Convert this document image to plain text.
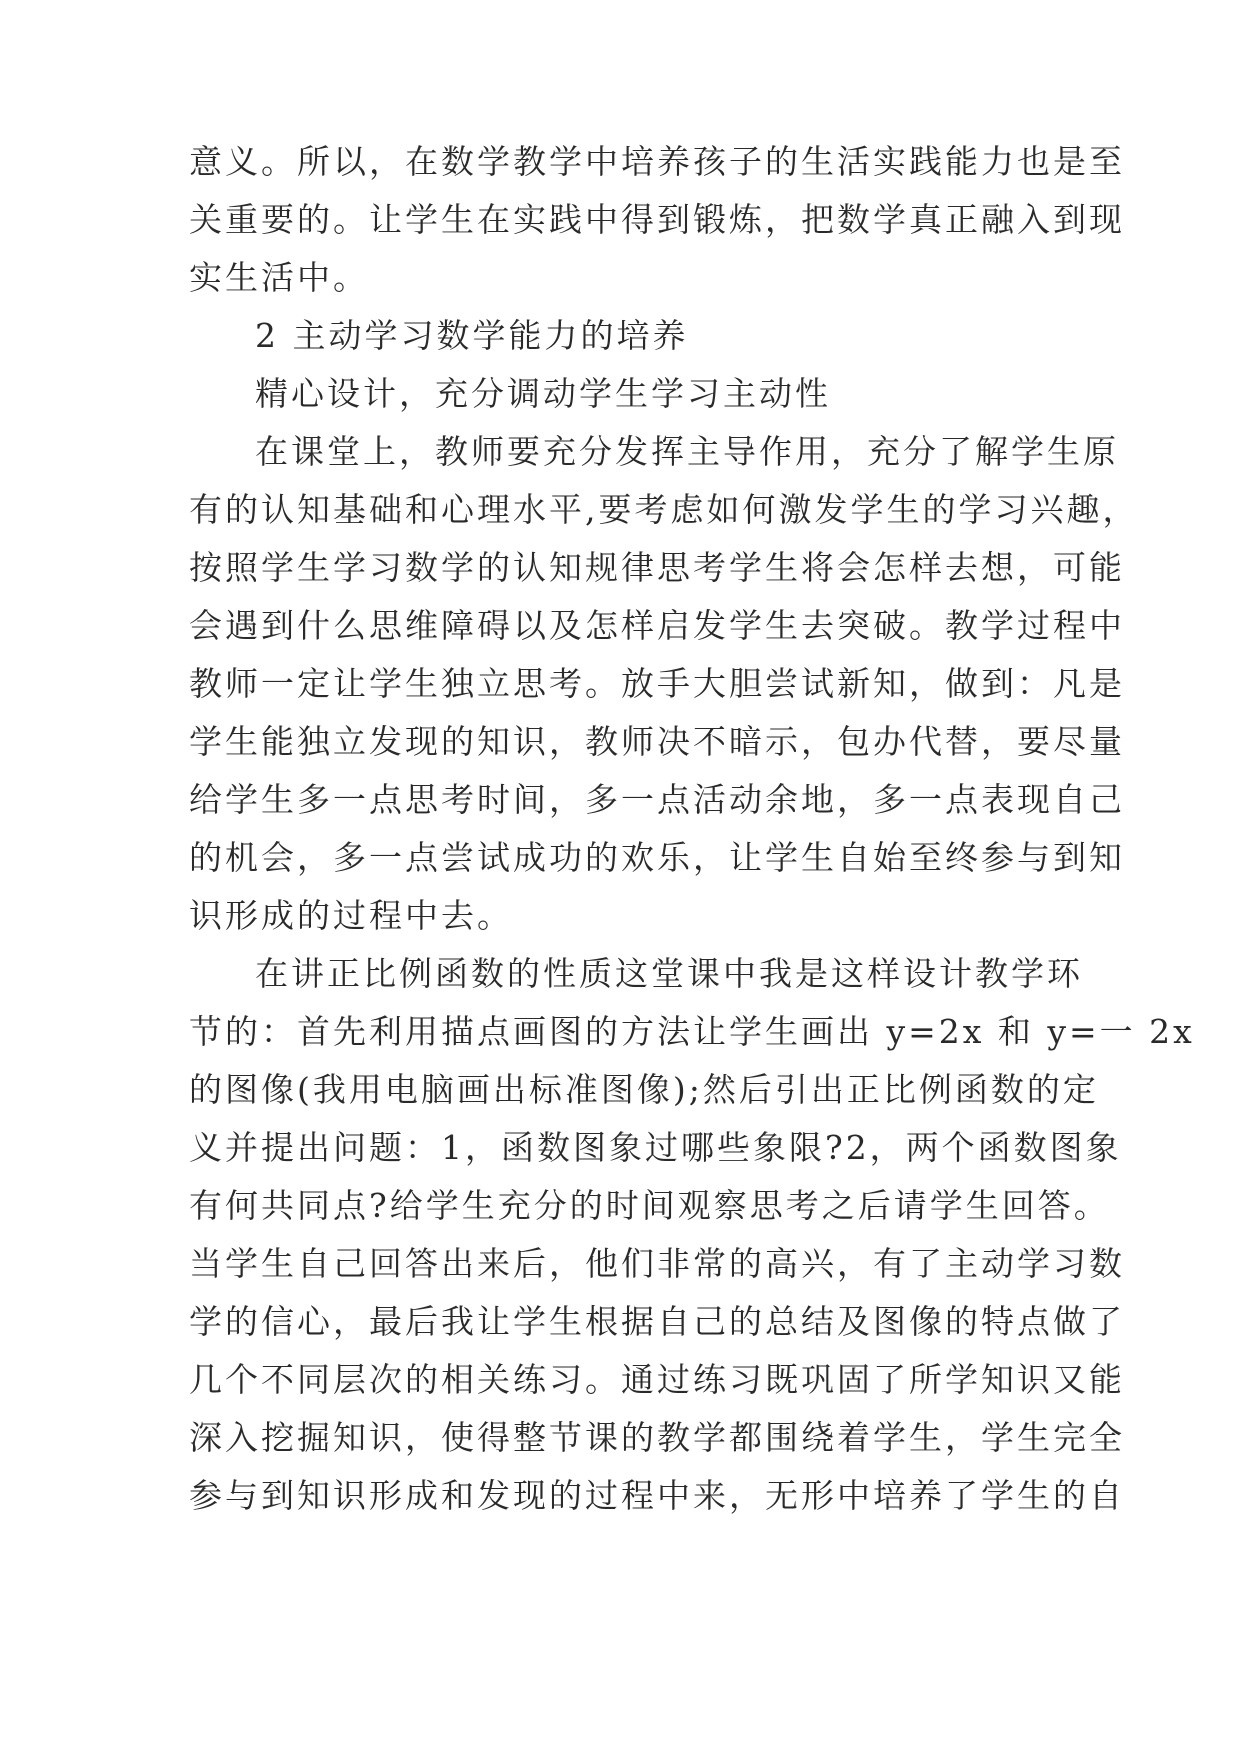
意义。所以，在数学教学中培养孩子的生活实践能力也是至
关重要的。让学生在实践中得到锻炼，把数学真正融入到现
实生活中。

2 主动学习数学能力的培养

精心设计，充分调动学生学习主动性

在课堂上，教师要充分发挥主导作用，充分了解学生原
有的认知基础和心理水平,要考虑如何激发学生的学习兴趣，
按照学生学习数学的认知规律思考学生将会怎样去想，可能
会遇到什么思维障碍以及怎样启发学生去突破。教学过程中
教师一定让学生独立思考。放手大胆尝试新知，做到：凡是
学生能独立发现的知识，教师决不暗示，包办代替，要尽量
给学生多一点思考时间，多一点活动余地，多一点表现自己
的机会，多一点尝试成功的欢乐，让学生自始至终参与到知
识形成的过程中去。

在讲正比例函数的性质这堂课中我是这样设计教学环
节的：首先利用描点画图的方法让学生画出 y=2x 和 y=一 2x
的图像(我用电脑画出标准图像);然后引出正比例函数的定
义并提出问题：1，函数图象过哪些象限?2，两个函数图象
有何共同点?给学生充分的时间观察思考之后请学生回答。
当学生自己回答出来后，他们非常的高兴，有了主动学习数
学的信心，最后我让学生根据自己的总结及图像的特点做了
几个不同层次的相关练习。通过练习既巩固了所学知识又能
深入挖掘知识，使得整节课的教学都围绕着学生，学生完全
参与到知识形成和发现的过程中来，无形中培养了学生的自
